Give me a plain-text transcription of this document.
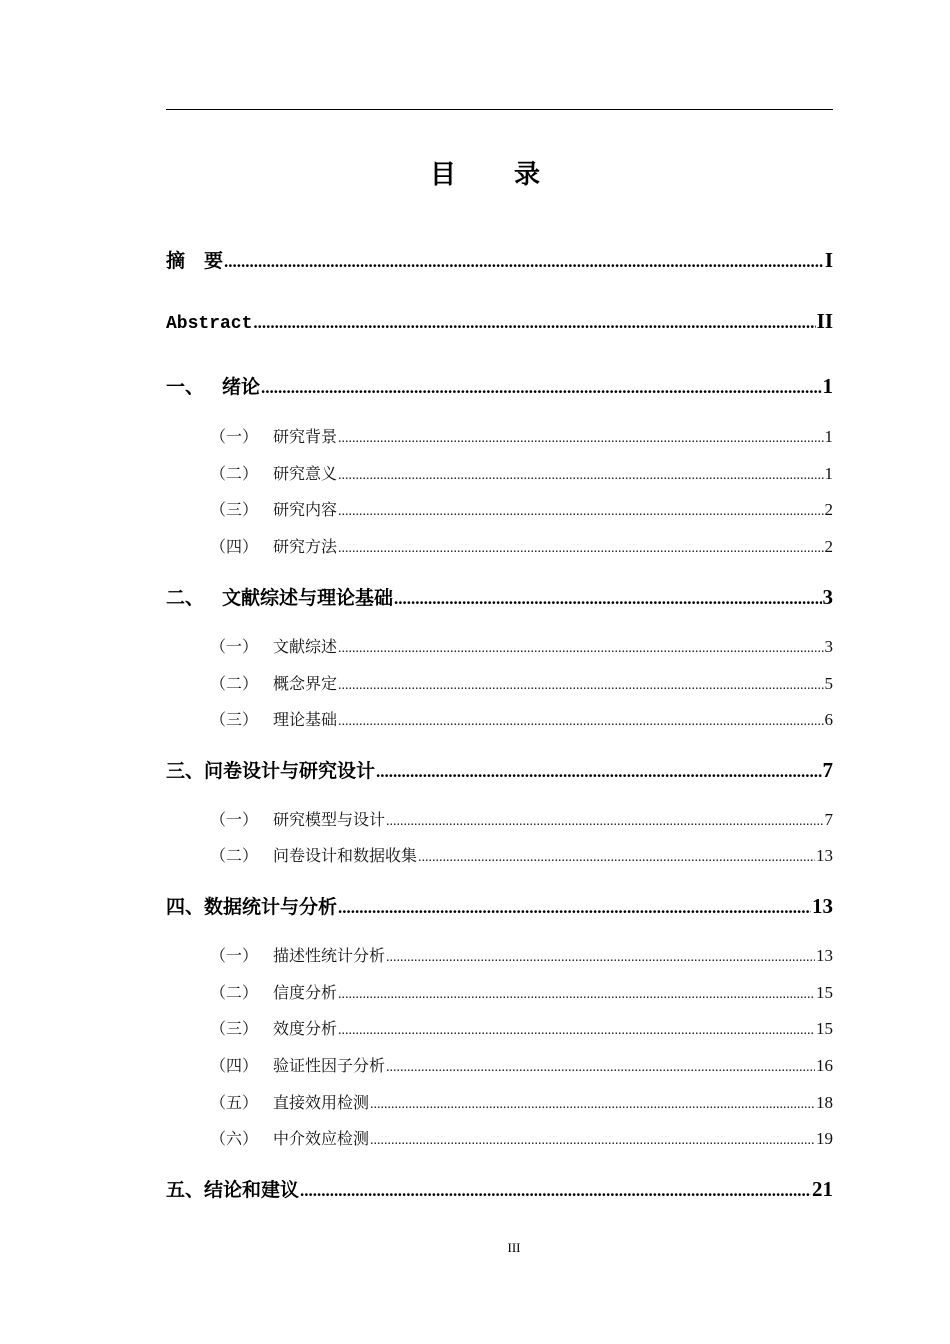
目　录
摘　要 .....	I
Abstract .....	II
一、 绪论 .....	1
（一） 研究背景 .....	1
（二） 研究意义 .....	1
（三） 研究内容 .....	2
（四） 研究方法 .....	2
二、 文献综述与理论基础 .....	3
（一） 文献综述 .....	3
（二） 概念界定 .....	5
（三） 理论基础 .....	6
三、 问卷设计与研究设计 .....	7
（一） 研究模型与设计 .....	7
（二） 问卷设计和数据收集 .....	13
四、 数据统计与分析 .....	13
（一） 描述性统计分析 .....	13
（二） 信度分析 .....	15
（三） 效度分析 .....	15
（四） 验证性因子分析 .....	16
（五） 直接效用检测 .....	18
（六） 中介效应检测 .....	19
五、 结论和建议 .....	21
III
